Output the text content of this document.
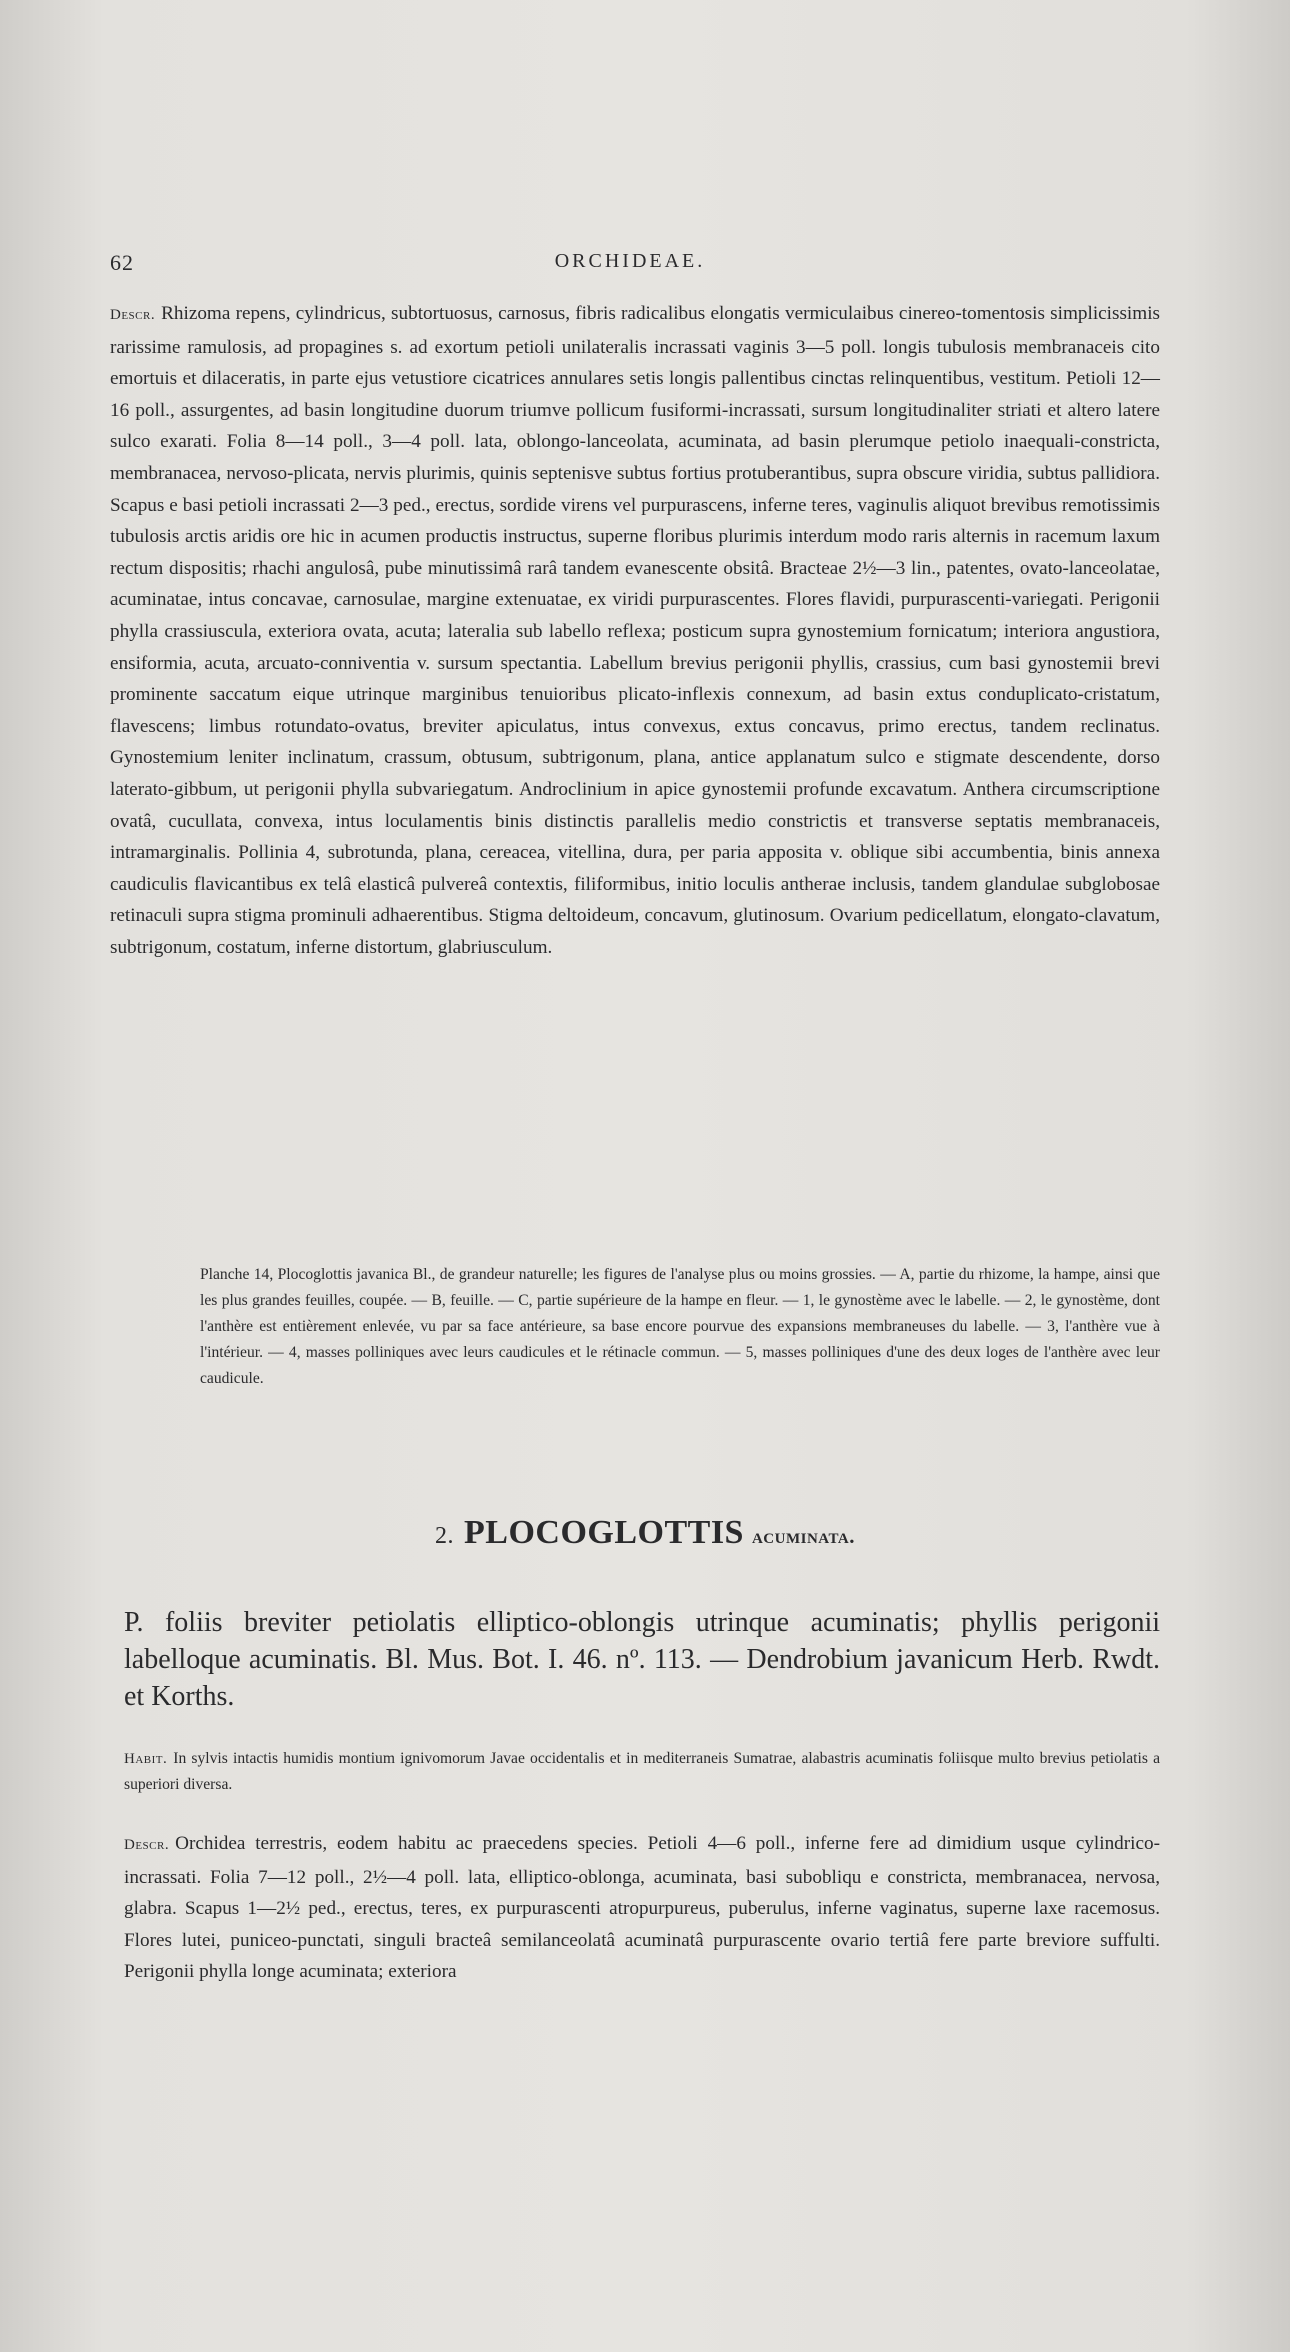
62	ORCHIDEAE.
Descr. Rhizoma repens, cylindricus, subtortuosus, carnosus, fibris radicalibus elongatis vermiculaibus cinereo-tomentosis simplicissimis rarissime ramulosis, ad propagines s. ad exortum petioli unilateralis incrassati vaginis 3—5 poll. longis tubulosis membranaceis cito emortuis et dilaceratis, in parte ejus vetustiore cicatrices annulares setis longis pallentibus cinctas relinquentibus, vestitum. Petioli 12—16 poll., assurgentes, ad basin longitudine duorum triumve pollicum fusiformi-incrassati, sursum longitudinaliter striati et altero latere sulco exarati. Folia 8—14 poll., 3—4 poll. lata, oblongo-lanceolata, acuminata, ad basin plerumque petiolo inaequali-constricta, membranacea, nervoso-plicata, nervis plurimis, quinis septenisve subtus fortius protuberantibus, supra obscure viridia, subtus pallidiora. Scapus e basi petioli incrassati 2—3 ped., erectus, sordide virens vel purpurascens, inferne teres, vaginulis aliquot brevibus remotissimis tubulosis arctis aridis ore hic in acumen productis instructus, superne floribus plurimis interdum modo raris alternis in racemum laxum rectum dispositis; rhachi angulosâ, pube minutissimâ rarâ tandem evanescente obsitâ. Bracteae 2½—3 lin., patentes, ovato-lanceolatae, acuminatae, intus concavae, carnosulae, margine extenuatae, ex viridi purpurascentes. Flores flavidi, purpurascenti-variegati. Perigonii phylla crassiuscula, exteriora ovata, acuta; lateralia sub labello reflexa; posticum supra gynostemium fornicatum; interiora angustiora, ensiformia, acuta, arcuato-conniventia v. sursum spectantia. Labellum brevius perigonii phyllis, crassius, cum basi gynostemii brevi prominente saccatum eique utrinque marginibus tenuioribus plicato-inflexis connexum, ad basin extus conduplicato-cristatum, flavescens; limbus rotundato-ovatus, breviter apiculatus, intus convexus, extus concavus, primo erectus, tandem reclinatus. Gynostemium leniter inclinatum, crassum, obtusum, subtrigonum, plana, antice applanatum sulco e stigmate descendente, dorso laterato-gibbum, ut perigonii phylla subvariegatum. Androclinium in apice gynostemii profunde excavatum. Anthera circumscriptione ovatâ, cucullata, convexa, intus loculamentis binis distinctis parallelis medio constrictis et transverse septatis membranaceis, intramarginalis. Pollinia 4, subrotunda, plana, cereacea, vitellina, dura, per paria apposita v. oblique sibi accumbentia, binis annexa caudiculis flavicantibus ex telâ elasticâ pulvereâ contextis, filiformibus, initio loculis antherae inclusis, tandem glandulae subglobosae retinaculi supra stigma prominuli adhaerentibus. Stigma deltoideum, concavum, glutinosum. Ovarium pedicellatum, elongato-clavatum, subtrigonum, costatum, inferne distortum, glabriusculum.
Planche 14, Plocoglottis javanica Bl., de grandeur naturelle; les figures de l'analyse plus ou moins grossies. — A, partie du rhizome, la hampe, ainsi que les plus grandes feuilles, coupée. — B, feuille. — C, partie supérieure de la hampe en fleur. — 1, le gynostème avec le labelle. — 2, le gynostème, dont l'anthère est entièrement enlevée, vu par sa face antérieure, sa base encore pourvue des expansions membraneuses du labelle. — 3, l'anthère vue à l'intérieur. — 4, masses polliniques avec leurs caudicules et le rétinacle commun. — 5, masses polliniques d'une des deux loges de l'anthère avec leur caudicule.
2. PLOCOGLOTTIS acuminata.
P. foliis breviter petiolatis elliptico-oblongis utrinque acuminatis; phyllis perigonii labelloque acuminatis. Bl. Mus. Bot. I. 46. nº. 113. — Dendrobium javanicum Herb. Rwdt. et Korths.
Habit. In sylvis intactis humidis montium ignivomorum Javae occidentalis et in mediterraneis Sumatrae, alabastris acuminatis foliisque multo brevius petiolatis a superiori diversa.
Descr. Orchidea terrestris, eodem habitu ac praecedens species. Petioli 4—6 poll., inferne fere ad dimidium usque cylindrico-incrassati. Folia 7—12 poll., 2½—4 poll. lata, elliptico-oblonga, acuminata, basi subobliqu e constricta, membranacea, nervosa, glabra. Scapus 1—2½ ped., erectus, teres, ex purpurascenti atropurpureus, puberulus, inferne vaginatus, superne laxe racemosus. Flores lutei, puniceo-punctati, singuli bracteâ semilanceolatâ acuminatâ purpurascente ovario tertiâ fere parte breviore suffulti. Perigonii phylla longe acuminata; exteriora
